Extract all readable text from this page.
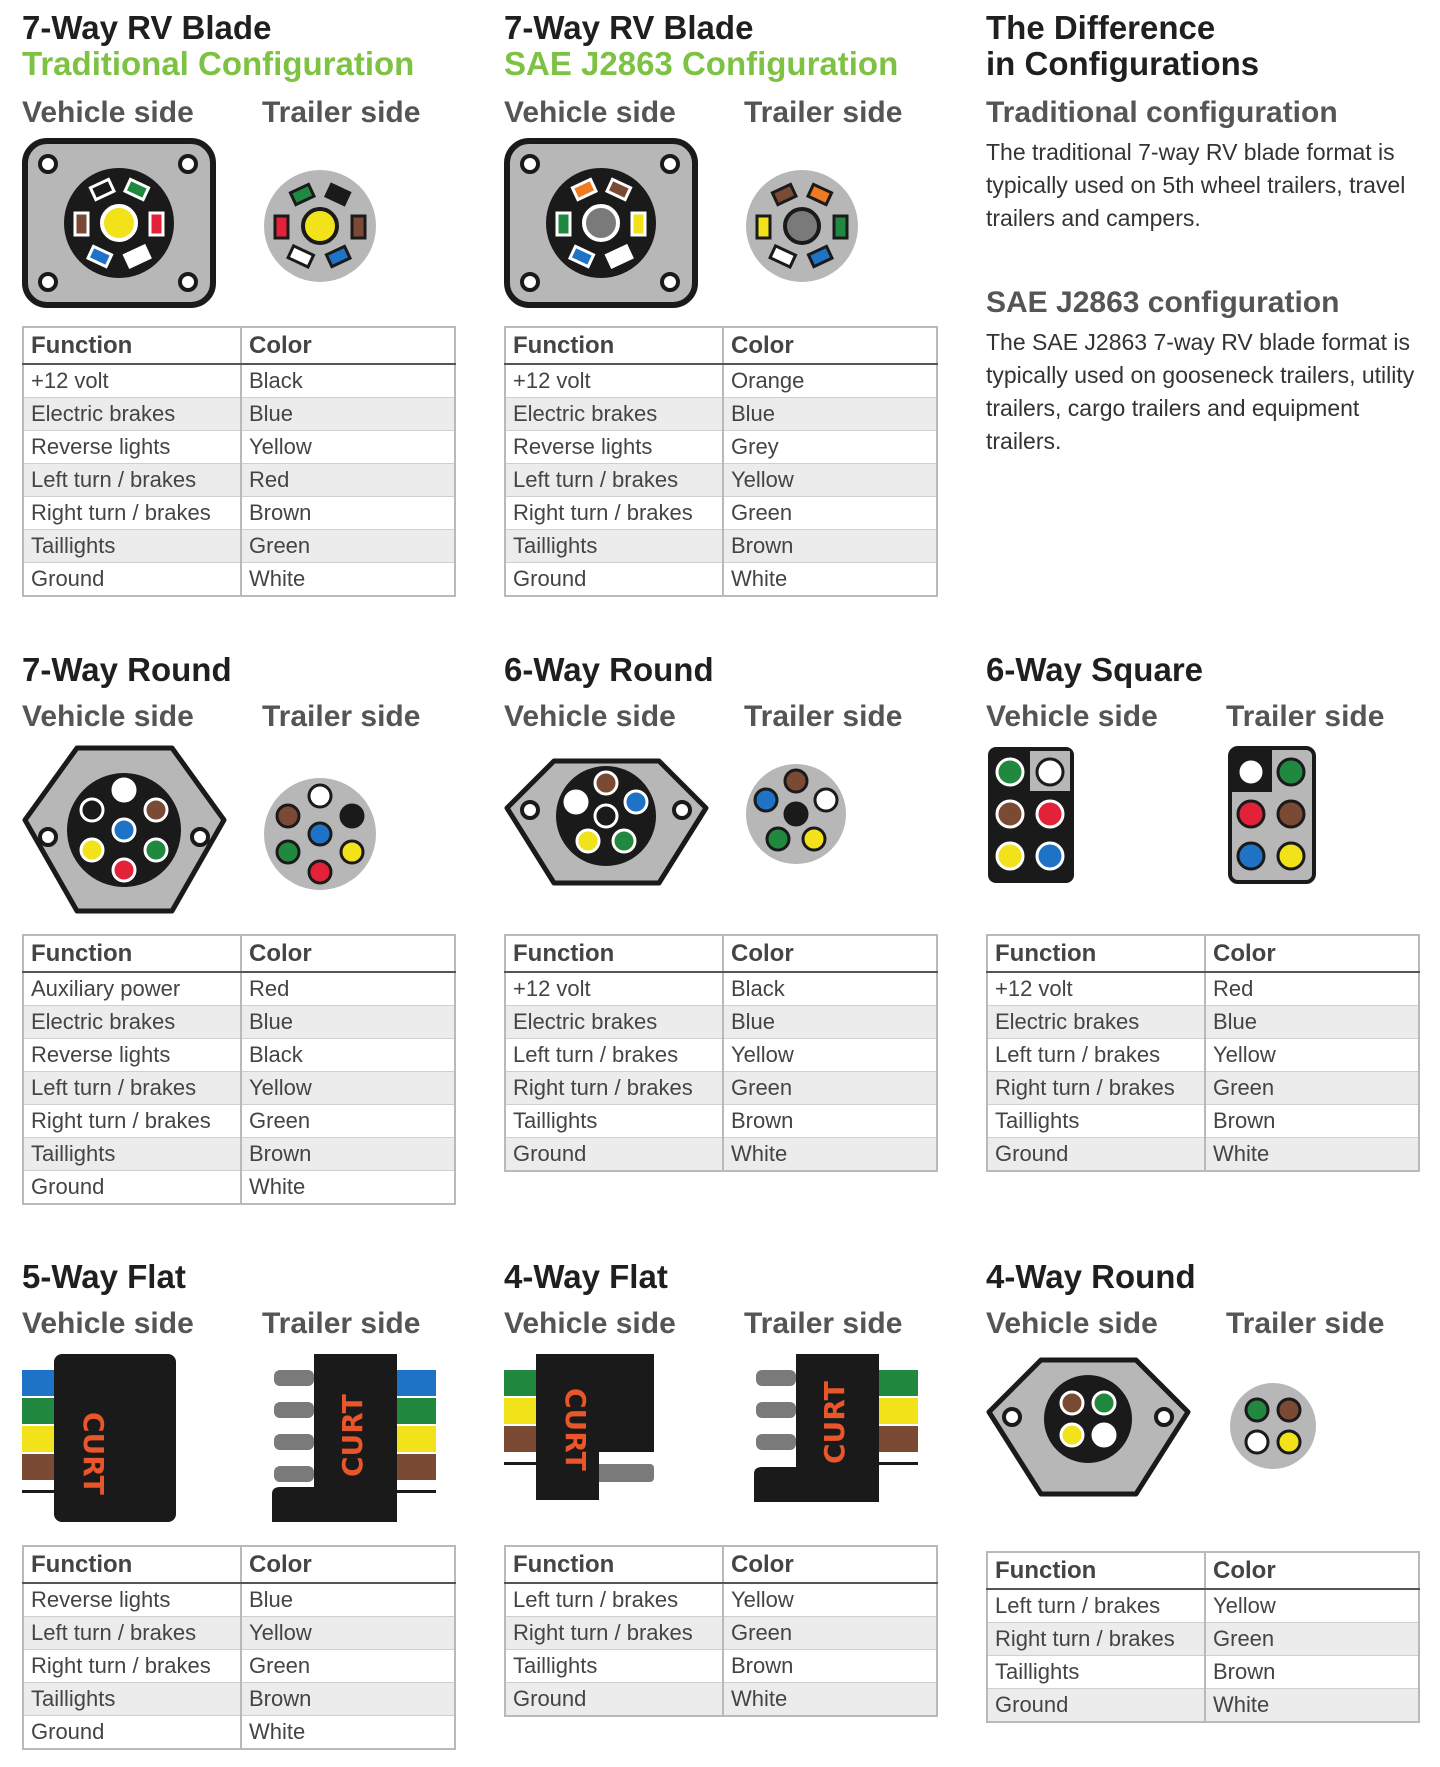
7-Way RV Blade
Traditional Configuration
Vehicle side Trailer side
Function	Color
+12 volt	Black
Electric brakes	Blue
Reverse lights	Yellow
Left turn / brakes	Red
Right turn / brakes	Brown
Taillights	Green
Ground	White
7-Way RV Blade
SAE J2863 Configuration
Vehicle side Trailer side
Function	Color
+12 volt	Orange
Electric brakes	Blue
Reverse lights	Grey
Left turn / brakes	Yellow
Right turn / brakes	Green
Taillights	Brown
Ground	White
The Difference
in Configurations
Traditional configuration
The traditional 7-way RV blade format is typically used on 5th wheel trailers, travel trailers and campers.
SAE J2863 configuration
The SAE J2863 7-way RV blade format is typically used on gooseneck trailers, utility trailers, cargo trailers and equipment trailers.
7-Way Round
Vehicle side Trailer side
Function	Color
Auxiliary power	Red
Electric brakes	Blue
Reverse lights	Black
Left turn / brakes	Yellow
Right turn / brakes	Green
Taillights	Brown
Ground	White
6-Way Round
Vehicle side Trailer side
Function	Color
+12 volt	Black
Electric brakes	Blue
Left turn / brakes	Yellow
Right turn / brakes	Green
Taillights	Brown
Ground	White
6-Way Square
Vehicle side Trailer side
Function	Color
+12 volt	Red
Electric brakes	Blue
Left turn / brakes	Yellow
Right turn / brakes	Green
Taillights	Brown
Ground	White
5-Way Flat
Vehicle side Trailer side
CURT	CURT
Function	Color
Reverse lights	Blue
Left turn / brakes	Yellow
Right turn / brakes	Green
Taillights	Brown
Ground	White
4-Way Flat
Vehicle side Trailer side
CURT	CURT
Function	Color
Left turn / brakes	Yellow
Right turn / brakes	Green
Taillights	Brown
Ground	White
4-Way Round
Vehicle side Trailer side
Function	Color
Left turn / brakes	Yellow
Right turn / brakes	Green
Taillights	Brown
Ground	White
